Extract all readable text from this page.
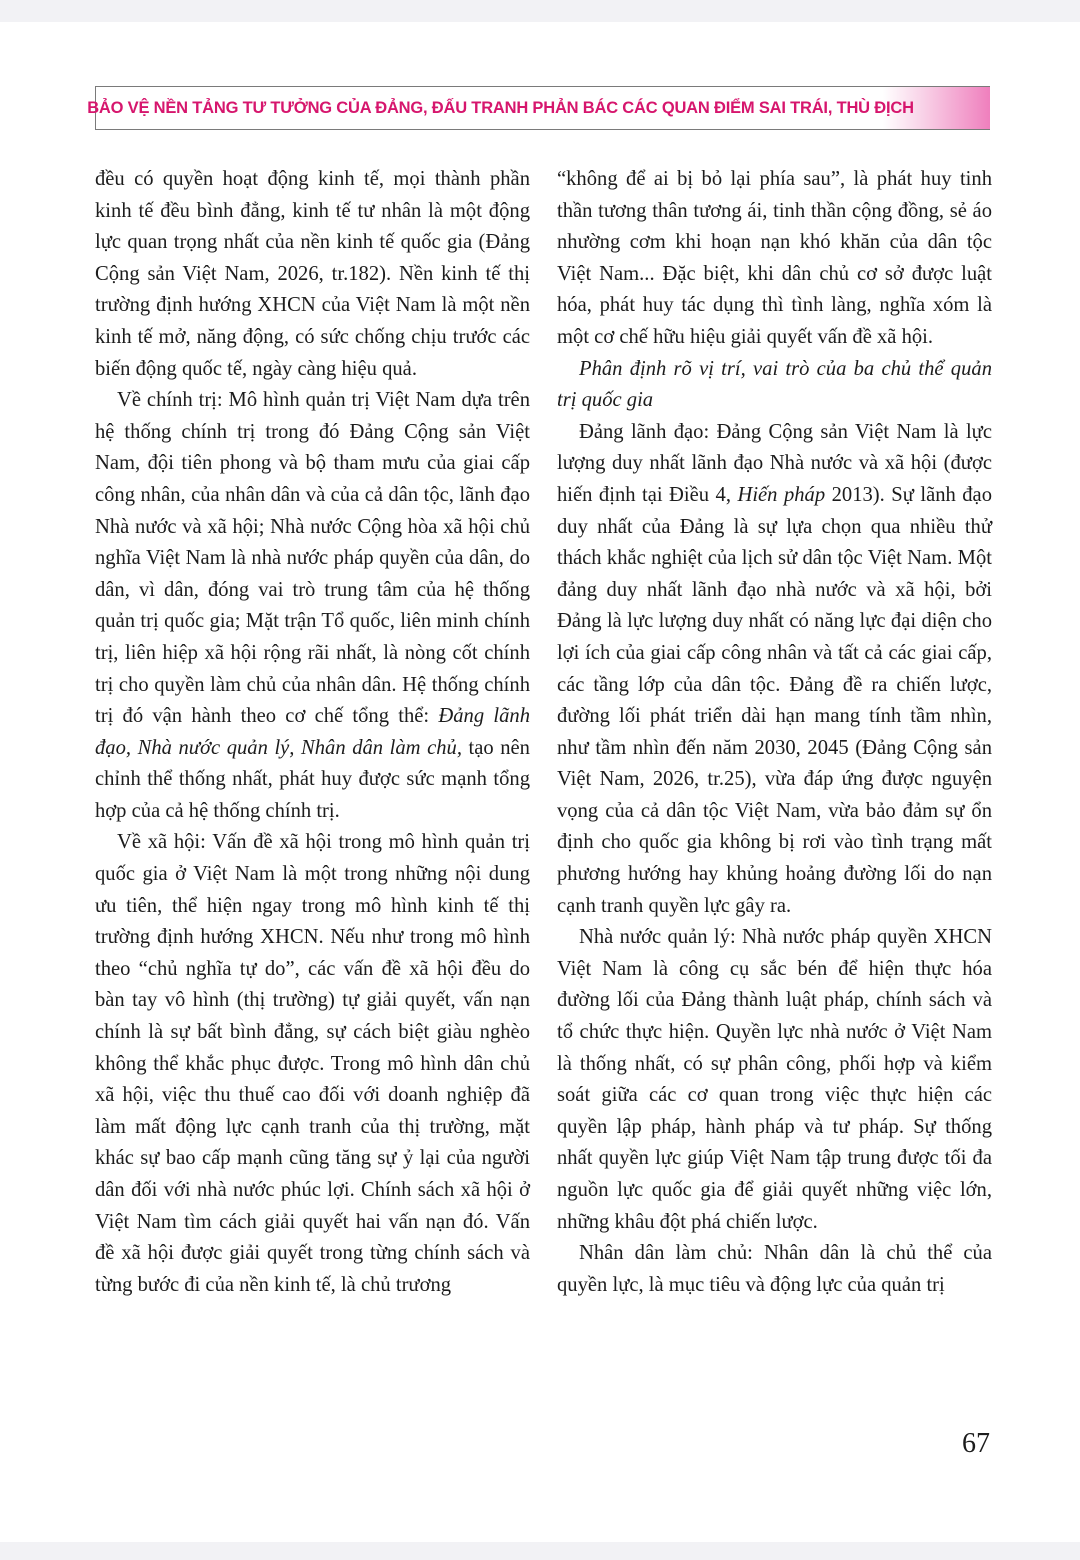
BẢO VỆ NỀN TẢNG TƯ TƯỞNG CỦA ĐẢNG, ĐẤU TRANH PHẢN BÁC CÁC QUAN ĐIỂM SAI TRÁI, THÙ ĐỊCH

đều có quyền hoạt động kinh tế, mọi thành phần kinh tế đều bình đẳng, kinh tế tư nhân là một động lực quan trọng nhất của nền kinh tế quốc gia (Đảng Cộng sản Việt Nam, 2026, tr.182). Nền kinh tế thị trường định hướng XHCN của Việt Nam là một nền kinh tế mở, năng động, có sức chống chịu trước các biến động quốc tế, ngày càng hiệu quả.

Về chính trị: Mô hình quản trị Việt Nam dựa trên hệ thống chính trị trong đó Đảng Cộng sản Việt Nam, đội tiên phong và bộ tham mưu của giai cấp công nhân, của nhân dân và của cả dân tộc, lãnh đạo Nhà nước và xã hội; Nhà nước Cộng hòa xã hội chủ nghĩa Việt Nam là nhà nước pháp quyền của dân, do dân, vì dân, đóng vai trò trung tâm của hệ thống quản trị quốc gia; Mặt trận Tổ quốc, liên minh chính trị, liên hiệp xã hội rộng rãi nhất, là nòng cốt chính trị cho quyền làm chủ của nhân dân. Hệ thống chính trị đó vận hành theo cơ chế tổng thể: Đảng lãnh đạo, Nhà nước quản lý, Nhân dân làm chủ, tạo nên chỉnh thể thống nhất, phát huy được sức mạnh tổng hợp của cả hệ thống chính trị.

Về xã hội: Vấn đề xã hội trong mô hình quản trị quốc gia ở Việt Nam là một trong những nội dung ưu tiên, thể hiện ngay trong mô hình kinh tế thị trường định hướng XHCN. Nếu như trong mô hình theo “chủ nghĩa tự do”, các vấn đề xã hội đều do bàn tay vô hình (thị trường) tự giải quyết, vấn nạn chính là sự bất bình đẳng, sự cách biệt giàu nghèo không thể khắc phục được. Trong mô hình dân chủ xã hội, việc thu thuế cao đối với doanh nghiệp đã làm mất động lực cạnh tranh của thị trường, mặt khác sự bao cấp mạnh cũng tăng sự ỷ lại của người dân đối với nhà nước phúc lợi. Chính sách xã hội ở Việt Nam tìm cách giải quyết hai vấn nạn đó. Vấn đề xã hội được giải quyết trong từng chính sách và từng bước đi của nền kinh tế, là chủ trương

“không để ai bị bỏ lại phía sau”, là phát huy tinh thần tương thân tương ái, tinh thần cộng đồng, sẻ áo nhường cơm khi hoạn nạn khó khăn của dân tộc Việt Nam... Đặc biệt, khi dân chủ cơ sở được luật hóa, phát huy tác dụng thì tình làng, nghĩa xóm là một cơ chế hữu hiệu giải quyết vấn đề xã hội.

Phân định rõ vị trí, vai trò của ba chủ thể quản trị quốc gia

Đảng lãnh đạo: Đảng Cộng sản Việt Nam là lực lượng duy nhất lãnh đạo Nhà nước và xã hội (được hiến định tại Điều 4, Hiến pháp 2013). Sự lãnh đạo duy nhất của Đảng là sự lựa chọn qua nhiều thử thách khắc nghiệt của lịch sử dân tộc Việt Nam. Một đảng duy nhất lãnh đạo nhà nước và xã hội, bởi Đảng là lực lượng duy nhất có năng lực đại diện cho lợi ích của giai cấp công nhân và tất cả các giai cấp, các tầng lớp của dân tộc. Đảng đề ra chiến lược, đường lối phát triển dài hạn mang tính tầm nhìn, như tầm nhìn đến năm 2030, 2045 (Đảng Cộng sản Việt Nam, 2026, tr.25), vừa đáp ứng được nguyện vọng của cả dân tộc Việt Nam, vừa bảo đảm sự ổn định cho quốc gia không bị rơi vào tình trạng mất phương hướng hay khủng hoảng đường lối do nạn cạnh tranh quyền lực gây ra.

Nhà nước quản lý: Nhà nước pháp quyền XHCN Việt Nam là công cụ sắc bén để hiện thực hóa đường lối của Đảng thành luật pháp, chính sách và tổ chức thực hiện. Quyền lực nhà nước ở Việt Nam là thống nhất, có sự phân công, phối hợp và kiểm soát giữa các cơ quan trong việc thực hiện các quyền lập pháp, hành pháp và tư pháp. Sự thống nhất quyền lực giúp Việt Nam tập trung được tối đa nguồn lực quốc gia để giải quyết những việc lớn, những khâu đột phá chiến lược.

Nhân dân làm chủ: Nhân dân là chủ thể của quyền lực, là mục tiêu và động lực của quản trị

67
